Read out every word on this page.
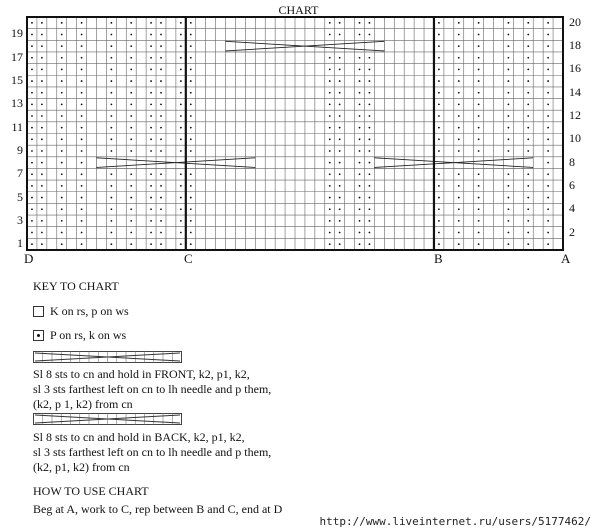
CHART
1
3
5
7
9
11
13
15
17
19
2
4
6
8
10
12
14
16
18
20
D	C	B	A
KEY TO CHART
K on rs, p on ws
P on rs, k on ws
Sl 8 sts to cn and hold in FRONT, k2, p1, k2,
sl 3 sts farthest left on cn to lh needle and p them,
(k2, p 1, k2) from cn
Sl 8 sts to cn and hold in BACK, k2, p1, k2,
sl 3 sts farthest left on cn to lh needle and p them,
(k2, p1, k2) from cn
HOW TO USE CHART
Beg at A, work to C, rep between B and C, end at D
http://www.liveinternet.ru/users/5177462/
